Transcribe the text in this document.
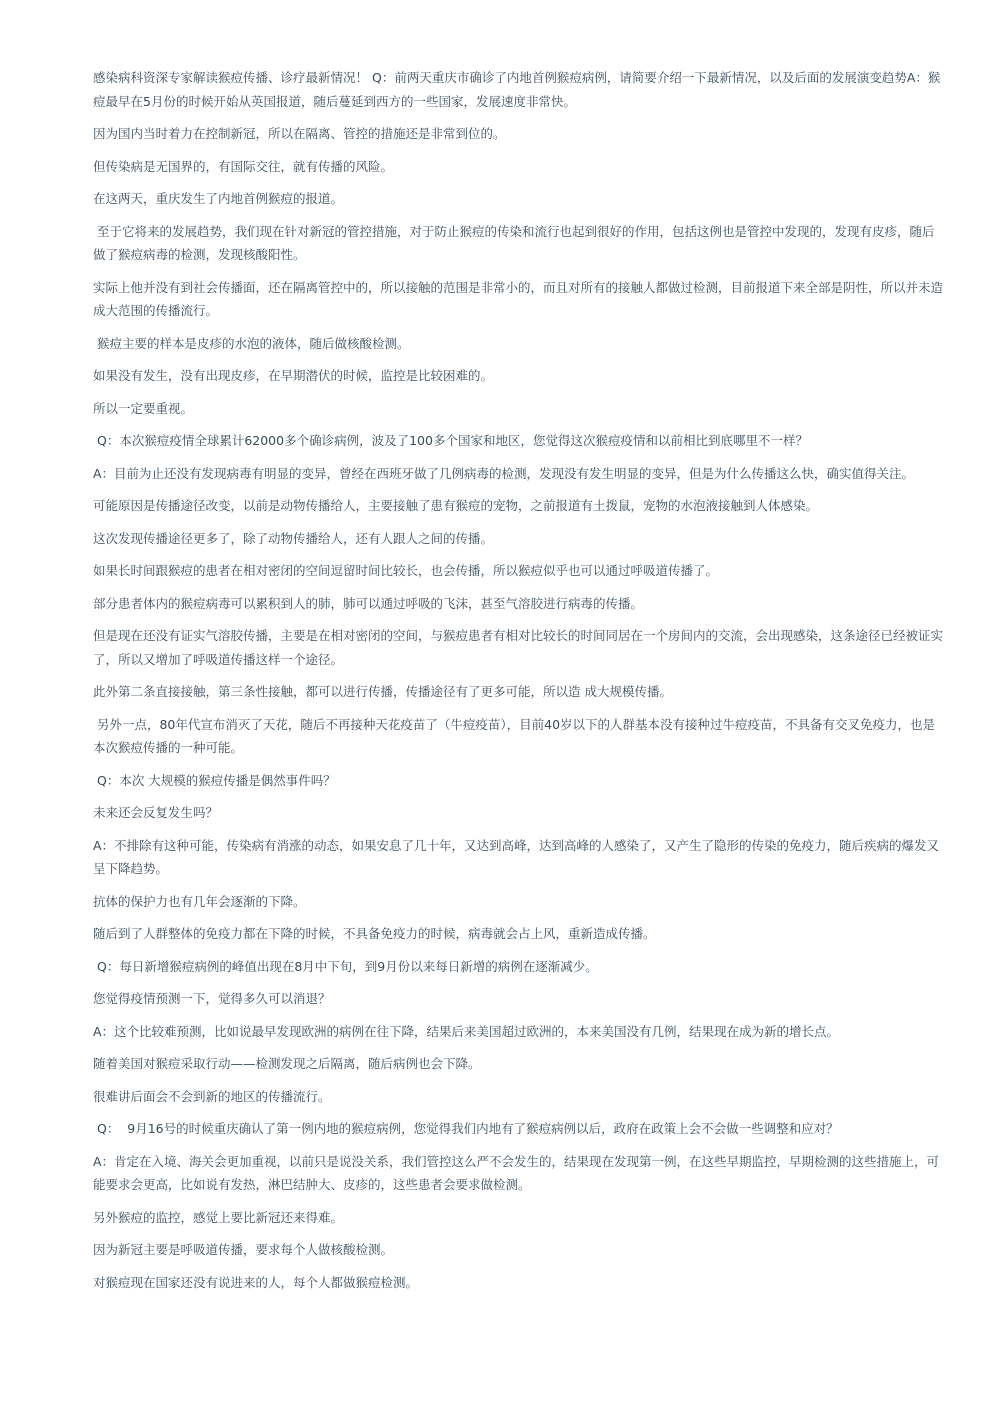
感染病科资深专家解读猴痘传播、诊疗最新情况！ Q：前两天重庆市确诊了内地首例猴痘病例，请简要介绍一下最新情况，以及后面的发展演变趋势A：猴痘最早在5月份的时候开始从英国报道，随后蔓延到西方的一些国家，发展速度非常快。

因为国内当时着力在控制新冠，所以在隔离、管控的措施还是非常到位的。

但传染病是无国界的，有国际交往，就有传播的风险。

在这两天，重庆发生了内地首例猴痘的报道。

至于它将来的发展趋势，我们现在针对新冠的管控措施，对于防止猴痘的传染和流行也起到很好的作用，包括这例也是管控中发现的，发现有皮疹，随后做了猴痘病毒的检测，发现核酸阳性。

实际上他并没有到社会传播面，还在隔离管控中的，所以接触的范围是非常小的，而且对所有的接触人都做过检测，目前报道下来全部是阴性，所以并未造成大范围的传播流行。

猴痘主要的样本是皮疹的水泡的液体，随后做核酸检测。

如果没有发生，没有出现皮疹，在早期潜伏的时候，监控是比较困难的。

所以一定要重视。

Q：本次猴痘疫情全球累计62000多个确诊病例，波及了100多个国家和地区，您觉得这次猴痘疫情和以前相比到底哪里不一样？

A：目前为止还没有发现病毒有明显的变异，曾经在西班牙做了几例病毒的检测，发现没有发生明显的变异，但是为什么传播这么快，确实值得关注。

可能原因是传播途径改变，以前是动物传播给人，主要接触了患有猴痘的宠物，之前报道有土拨鼠，宠物的水泡液接触到人体感染。

这次发现传播途径更多了，除了动物传播给人，还有人跟人之间的传播。

如果长时间跟猴痘的患者在相对密闭的空间逗留时间比较长，也会传播，所以猴痘似乎也可以通过呼吸道传播了。

部分患者体内的猴痘病毒可以累积到人的肺，肺可以通过呼吸的飞沫，甚至气溶胶进行病毒的传播。

但是现在还没有证实气溶胶传播，主要是在相对密闭的空间，与猴痘患者有相对比较长的时间同居在一个房间内的交流，会出现感染，这条途径已经被证实了，所以又增加了呼吸道传播这样一个途径。

此外第二条直接接触，第三条性接触，都可以进行传播，传播途径有了更多可能，所以造 成大规模传播。

另外一点，80年代宣布消灭了天花，随后不再接种天花疫苗了（牛痘疫苗），目前40岁以下的人群基本没有接种过牛痘疫苗，不具备有交叉免疫力，也是本次猴痘传播的一种可能。

Q：本次 大规模的猴痘传播是偶然事件吗？

未来还会反复发生吗？

A：不排除有这种可能，传染病有消涨的动态，如果安息了几十年，又达到高峰，达到高峰的人感染了，又产生了隐形的传染的免疫力，随后疾病的爆发又呈下降趋势。

抗体的保护力也有几年会逐渐的下降。

随后到了人群整体的免疫力都在下降的时候，不具备免疫力的时候，病毒就会占上风，重新造成传播。

Q：每日新增猴痘病例的峰值出现在8月中下旬，到9月份以来每日新增的病例在逐渐减少。

您觉得疫情预测一下，觉得多久可以消退？

A：这个比较难预测，比如说最早发现欧洲的病例在往下降，结果后来美国超过欧洲的，本来美国没有几例，结果现在成为新的增长点。

随着美国对猴痘采取行动——检测发现之后隔离，随后病例也会下降。

很难讲后面会不会到新的地区的传播流行。

Q：  9月16号的时候重庆确认了第一例内地的猴痘病例，您觉得我们内地有了猴痘病例以后，政府在政策上会不会做一些调整和应对？

A：肯定在入境、海关会更加重视，以前只是说没关系，我们管控这么严不会发生的，结果现在发现第一例，在这些早期监控，早期检测的这些措施上，可能要求会更高，比如说有发热，淋巴结肿大、皮疹的，这些患者会要求做检测。

另外猴痘的监控，感觉上要比新冠还来得难。

因为新冠主要是呼吸道传播，要求每个人做核酸检测。

对猴痘现在国家还没有说进来的人，每个人都做猴痘检测。
